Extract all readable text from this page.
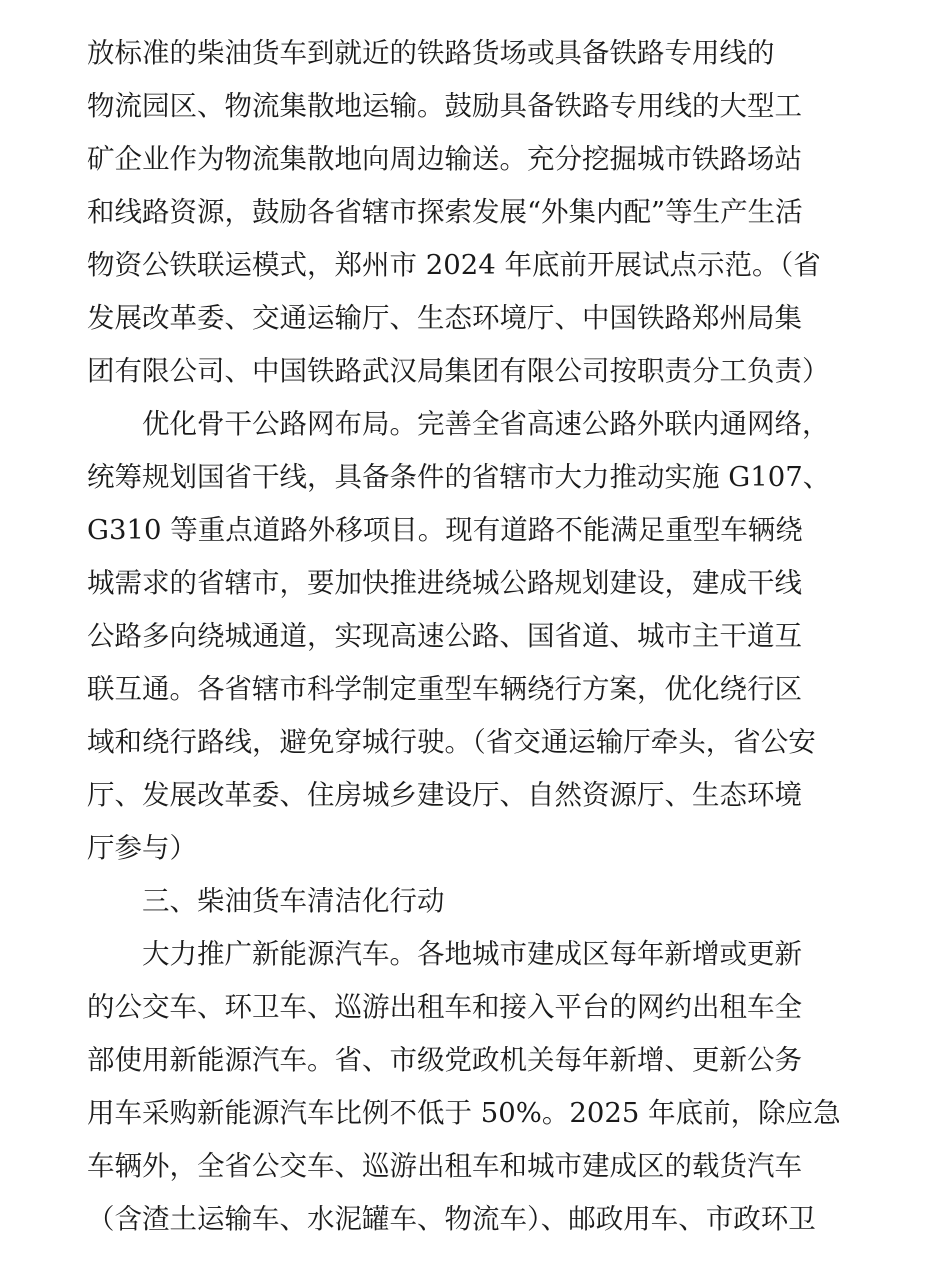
放标准的柴油货车到就近的铁路货场或具备铁路专用线的
物流园区、物流集散地运输。鼓励具备铁路专用线的大型工
矿企业作为物流集散地向周边输送。充分挖掘城市铁路场站
和线路资源，鼓励各省辖市探索发展“外集内配”等生产生活
物资公铁联运模式，郑州市 2024 年底前开展试点示范。（省
发展改革委、交通运输厅、生态环境厅、中国铁路郑州局集
团有限公司、中国铁路武汉局集团有限公司按职责分工负责）
优化骨干公路网布局。完善全省高速公路外联内通网络，
统筹规划国省干线，具备条件的省辖市大力推动实施 G107、
G310 等重点道路外移项目。现有道路不能满足重型车辆绕
城需求的省辖市，要加快推进绕城公路规划建设，建成干线
公路多向绕城通道，实现高速公路、国省道、城市主干道互
联互通。各省辖市科学制定重型车辆绕行方案，优化绕行区
域和绕行路线，避免穿城行驶。（省交通运输厅牵头，省公安
厅、发展改革委、住房城乡建设厅、自然资源厅、生态环境
厅参与）
三、柴油货车清洁化行动
大力推广新能源汽车。各地城市建成区每年新增或更新
的公交车、环卫车、巡游出租车和接入平台的网约出租车全
部使用新能源汽车。省、市级党政机关每年新增、更新公务
用车采购新能源汽车比例不低于 50%。2025 年底前，除应急
车辆外，全省公交车、巡游出租车和城市建成区的载货汽车
（含渣土运输车、水泥罐车、物流车）、邮政用车、市政环卫
